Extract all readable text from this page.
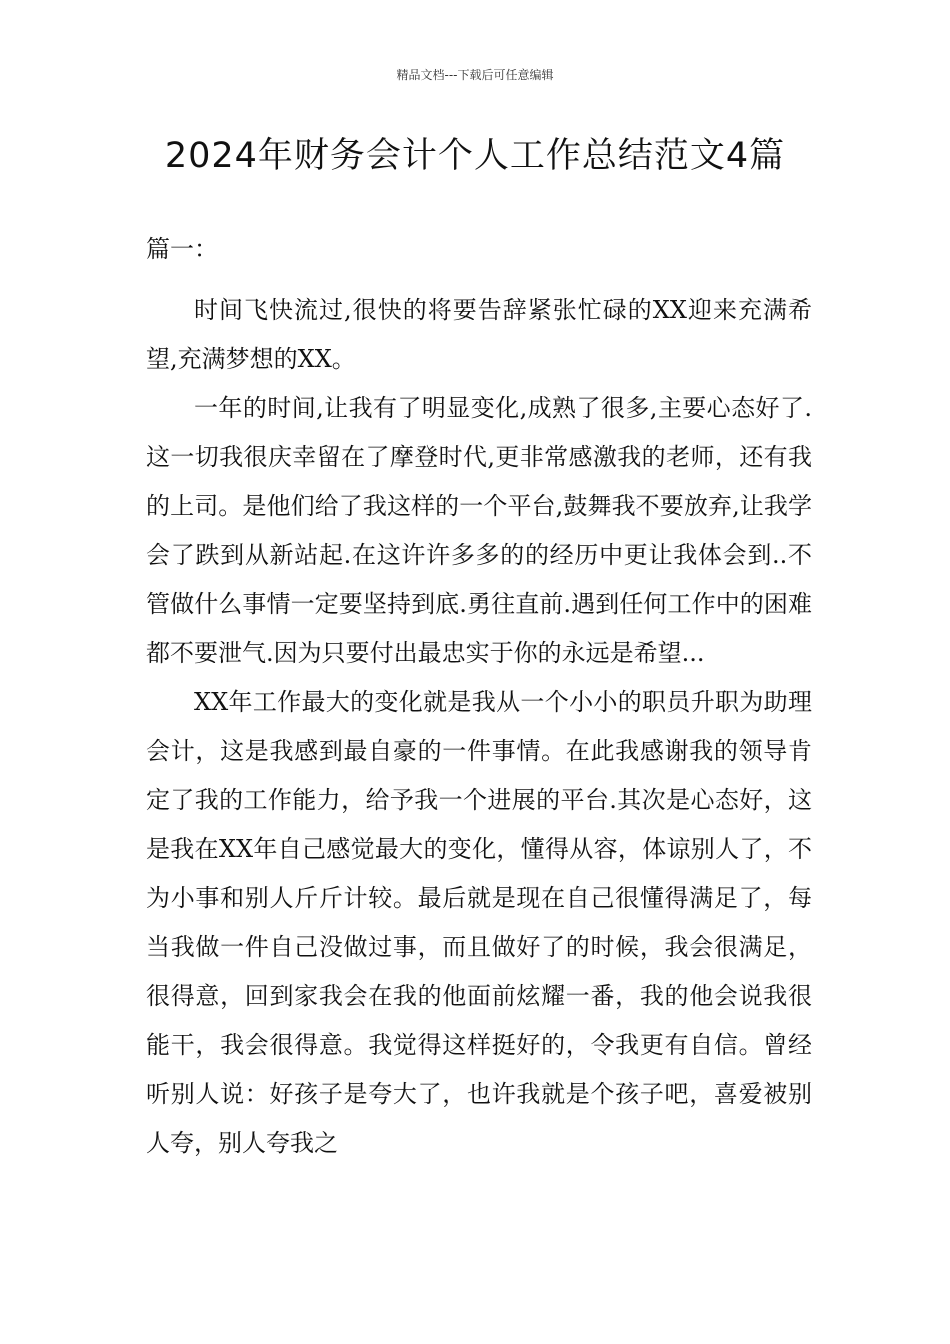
精品文档---下载后可任意编辑
2024年财务会计个人工作总结范文4篇

篇一：

时间飞快流过,很快的将要告辞紧张忙碌的XX迎来充满希望,充满梦想的XX。

一年的时间,让我有了明显变化,成熟了很多,主要心态好了.这一切我很庆幸留在了摩登时代,更非常感激我的老师，还有我的上司。是他们给了我这样的一个平台,鼓舞我不要放弃,让我学会了跌到从新站起.在这许许多多的的经历中更让我体会到..不管做什么事情一定要坚持到底.勇往直前.遇到任何工作中的困难都不要泄气.因为只要付出最忠实于你的永远是希望...

XX年工作最大的变化就是我从一个小小的职员升职为助理会计，这是我感到最自豪的一件事情。在此我感谢我的领导肯定了我的工作能力，给予我一个进展的平台.其次是心态好，这是我在XX年自己感觉最大的变化，懂得从容，体谅别人了，不为小事和别人斤斤计较。最后就是现在自己很懂得满足了，每当我做一件自己没做过事，而且做好了的时候，我会很满足，很得意，回到家我会在我的他面前炫耀一番，我的他会说我很能干，我会很得意。我觉得这样挺好的，令我更有自信。曾经听别人说：好孩子是夸大了，也许我就是个孩子吧，喜爱被别人夸，别人夸我之
